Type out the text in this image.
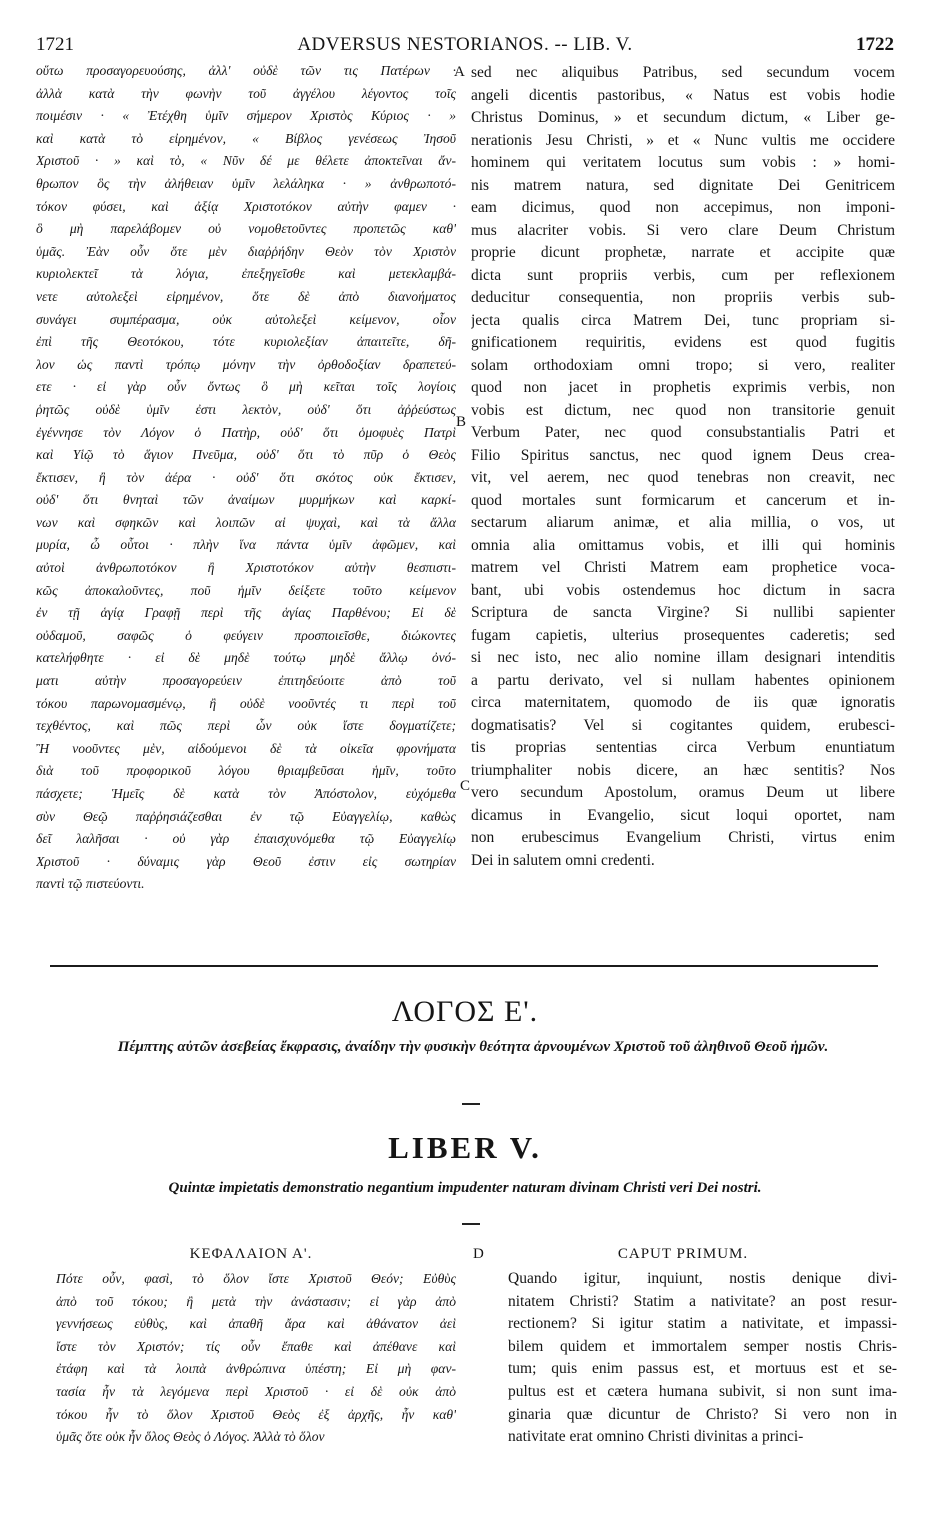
1721	ADVERSUS NESTORIANOS. -- LIB. V.	1722
οὕτω προσαγορευούσης, ἀλλ' οὐδὲ τῶν τις Πατέρων ·
ἀλλὰ κατὰ τὴν φωνὴν τοῦ ἀγγέλου λέγοντος τοῖς
ποιμέσιν · « Ἐτέχθη ὑμῖν σήμερον Χριστὸς Κύριος · »
καὶ κατὰ τὸ εἰρημένον, « Βίβλος γενέσεως Ἰησοῦ
Χριστοῦ · » καὶ τὸ, « Νῦν δέ με θέλετε ἀποκτεῖναι ἄν-
θρωπον ὃς τὴν ἀλήθειαν ὑμῖν λελάληκα · » ἀνθρωποτό-
τόκον φύσει, καὶ ἀξίᾳ Χριστοτόκον αὐτὴν φαμεν ·
ὃ μὴ παρελάβομεν οὐ νομοθετοῦντες προπετῶς καθ'
ὑμᾶς. Ἐὰν οὖν ὅτε μὲν διαῤῥήδην Θεὸν τὸν Χριστὸν
κυριολεκτεῖ τὰ λόγια, ἐπεξηγεῖσθε καὶ μετεκλαμβά-
νετε αὐτολεξεὶ εἰρημένον, ὅτε δὲ ἀπὸ διανοήματος
συνάγει συμπέρασμα, οὐκ αὐτολεξεὶ κείμενον, οἷον
ἐπὶ τῆς Θεοτόκου, τότε κυριολεξίαν ἀπαιτεῖτε, δῆ-
λον ὡς παντὶ τρόπῳ μόνην τὴν ὀρθοδοξίαν δραπετεύ-
ετε · εἰ γὰρ οὖν ὄντως ὃ μὴ κεῖται τοῖς λογίοις
ῥητῶς οὐδὲ ὑμῖν ἐστι λεκτὸν, οὐδ' ὅτι ἀῤῥεύστως
ἐγέννησε τὸν Λόγον ὁ Πατὴρ, οὐδ' ὅτι ὁμοφυὲς Πατρὶ
καὶ Υἱῷ τὸ ἅγιον Πνεῦμα, οὐδ' ὅτι τὸ πῦρ ὁ Θεὸς
ἔκτισεν, ἢ τὸν ἀέρα · οὐδ' ὅτι σκότος οὐκ ἔκτισεν,
οὐδ' ὅτι θνηταὶ τῶν ἀναίμων μυρμήκων καὶ καρκί-
νων καὶ σφηκῶν καὶ λοιπῶν αἱ ψυχαὶ, καὶ τὰ ἄλλα
μυρία, ὦ οὗτοι · πλὴν ἵνα πάντα ὑμῖν ἀφῶμεν, καὶ
αὐτοὶ ἀνθρωποτόκον ἢ Χριστοτόκον αὐτὴν θεσπιστι-
κῶς ἀποκαλοῦντες, ποῦ ἡμῖν δείξετε τοῦτο κείμενον
ἐν τῇ ἁγίᾳ Γραφῇ περὶ τῆς ἁγίας Παρθένου; Εἰ δὲ
οὐδαμοῦ, σαφῶς ὁ φεύγειν προσποιεῖσθε, διώκοντες
κατελήφθητε · εἰ δὲ μηδὲ τούτῳ μηδὲ ἄλλῳ ὀνό-
ματι αὐτὴν προσαγορεύειν ἐπιτηδεύοιτε ἀπὸ τοῦ
τόκου παρωνομασμένῳ, ἢ οὐδὲ νοοῦντές τι περὶ τοῦ
τεχθέντος, καὶ πῶς περὶ ὧν οὐκ ἴστε δογματίζετε;
Ἢ νοοῦντες μὲν, αἰδούμενοι δὲ τὰ οἰκεῖα φρονήματα
διὰ τοῦ προφορικοῦ λόγου θριαμβεῦσαι ἡμῖν, τοῦτο
πάσχετε; Ἡμεῖς δὲ κατὰ τὸν Ἀπόστολον, εὐχόμεθα
σὺν Θεῷ παῤῥησιάζεσθαι ἐν τῷ Εὐαγγελίῳ, καθὼς
δεῖ λαλῆσαι · οὐ γὰρ ἐπαισχυνόμεθα τῷ Εὐαγγελίῳ
Χριστοῦ · δύναμις γὰρ Θεοῦ ἐστιν εἰς σωτηρίαν
παντὶ τῷ πιστεύοντι.
sed nec aliquibus Patribus, sed secundum vocem
angeli dicentis pastoribus, « Natus est vobis hodie
Christus Dominus, » et secundum dictum, « Liber ge-
nerationis Jesu Christi, » et « Nunc vultis me occidere
hominem qui veritatem locutus sum vobis : » homi-
nis matrem natura, sed dignitate Dei Genitricem
eam dicimus, quod non accepimus, non imponi-
mus alacriter vobis. Si vero clare Deum Christum
proprie dicunt prophetæ, narrate et accipite quæ
dicta sunt propriis verbis, cum per reflexionem
deducitur consequentia, non propriis verbis sub-
jecta qualis circa Matrem Dei, tunc propriam si-
gnificationem requiritis, evidens est quod fugitis
solam orthodoxiam omni tropo; si vero, realiter
quod non jacet in prophetis exprimis verbis, non
vobis est dictum, nec quod non transitorie genuit
Verbum Pater, nec quod consubstantialis Patri et
Filio Spiritus sanctus, nec quod ignem Deus crea-
vit, vel aerem, nec quod tenebras non creavit, nec
quod mortales sunt formicarum et cancerum et in-
sectarum aliarum animæ, et alia millia, o vos, ut
omnia alia omittamus vobis, et illi qui hominis
matrem vel Christi Matrem eam prophetice voca-
bant, ubi vobis ostendemus hoc dictum in sacra
Scriptura de sancta Virgine? Si nullibi sapienter
fugam capietis, ulterius prosequentes caderetis; sed
si nec isto, nec alio nomine illam designari intenditis
a partu derivato, vel si nullam habentes opinionem
circa maternitatem, quomodo de iis quæ ignoratis
dogmatisatis? Vel si cogitantes quidem, erubesci-
tis proprias sententias circa Verbum enuntiatum
triumphaliter nobis dicere, an hæc sentitis? Nos
vero secundum Apostolum, oramus Deum ut libere
dicamus in Evangelio, sicut loqui oportet, nam
non erubescimus Evangelium Christi, virtus enim
Dei in salutem omni credenti.
A
B
C
D
ΛΟΓΟΣ Ε'.
Πέμπτης αὐτῶν ἀσεβείας ἔκφρασις, ἀναίδην τὴν φυσικὴν θεότητα ἀρνουμένων Χριστοῦ τοῦ ἀληθινοῦ Θεοῦ ἡμῶν.
LIBER V.
Quintæ impietatis demonstratio negantium impudenter naturam divinam Christi veri Dei nostri.
ΚΕΦΑΛΑΙΟΝ Α'.	CAPUT PRIMUM.
Πότε οὖν, φασὶ, τὸ ὅλον ἴστε Χριστοῦ Θεόν; Εὐθὺς
ἀπὸ τοῦ τόκου; ἢ μετὰ τὴν ἀνάστασιν; εἰ γὰρ ἀπὸ
γεννήσεως εὐθὺς, καὶ ἀπαθῆ ἄρα καὶ ἀθάνατον ἀεὶ
ἴστε τὸν Χριστόν; τίς οὖν ἔπαθε καὶ ἀπέθανε καὶ
ἐτάφη καὶ τὰ λοιπὰ ἀνθρώπινα ὑπέστη; Εἰ μὴ φαν-
τασία ἦν τὰ λεγόμενα περὶ Χριστοῦ · εἰ δὲ οὐκ ἀπὸ
τόκου ἦν τὸ ὅλον Χριστοῦ Θεὸς ἐξ ἀρχῆς, ἦν καθ'
ὑμᾶς ὅτε οὐκ ἦν ὅλος Θεὸς ὁ Λόγος. Ἀλλὰ τὸ ὅλον
Quando igitur, inquiunt, nostis denique divi-
nitatem Christi? Statim a nativitate? an post resur-
rectionem? Si igitur statim a nativitate, et impassi-
bilem quidem et immortalem semper nostis Chris-
tum; quis enim passus est, et mortuus est et se-
pultus est et cætera humana subivit, si non sunt ima-
ginaria quæ dicuntur de Christo? Si vero non in
nativitate erat omnino Christi divinitas a princi-
